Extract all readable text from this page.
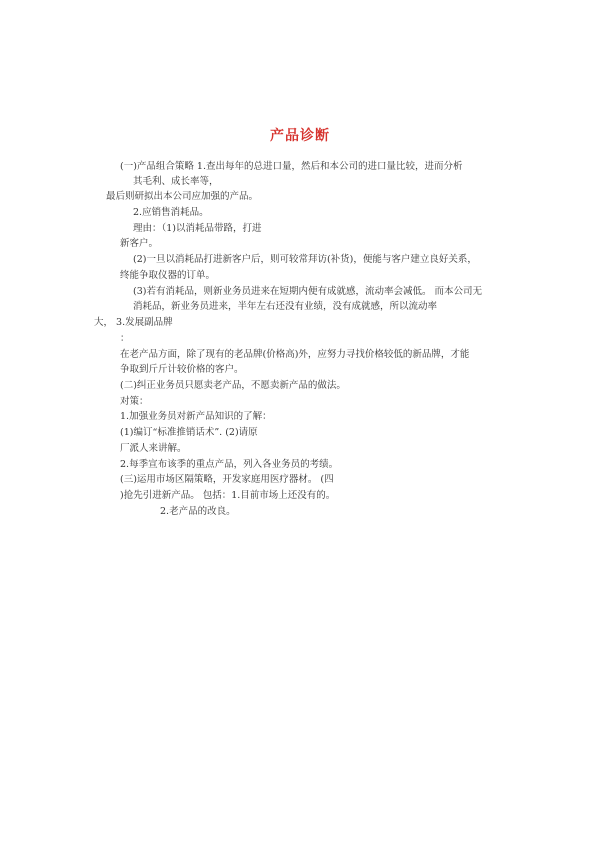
产品诊断

(一)产品组合策略 1.查出每年的总进口量，然后和本公司的进口量比较，进而分析

其毛利、成长率等，

最后则研拟出本公司应加强的产品。

2.应销售消耗品。

理由：（1)以消耗品带路，打进

新客户。

(2)一旦以消耗品打进新客户后，则可较常拜访(补货)，便能与客户建立良好关系，

终能争取仪器的订单。

(3)若有消耗品，则新业务员进来在短期内便有成就感，流动率会减低。 而本公司无

消耗品，新业务员进来，半年左右还没有业绩，没有成就感，所以流动率

大， 3.发展副品牌

：

在老产品方面，除了现有的老品牌(价格高)外，应努力寻找价格较低的新品牌，才能

争取到斤斤计较价格的客户。

(二)纠正业务员只愿卖老产品，不愿卖新产品的做法。

对策：

1.加强业务员对新产品知识的了解：

(1)编订“标准推销话术”. (2)请原

厂派人来讲解。

2.每季宣布该季的重点产品，列入各业务员的考绩。

(三)运用市场区隔策略，开发家庭用医疗器材。 (四

)抢先引进新产品。 包括：1.目前市场上还没有的。

2.老产品的改良。
